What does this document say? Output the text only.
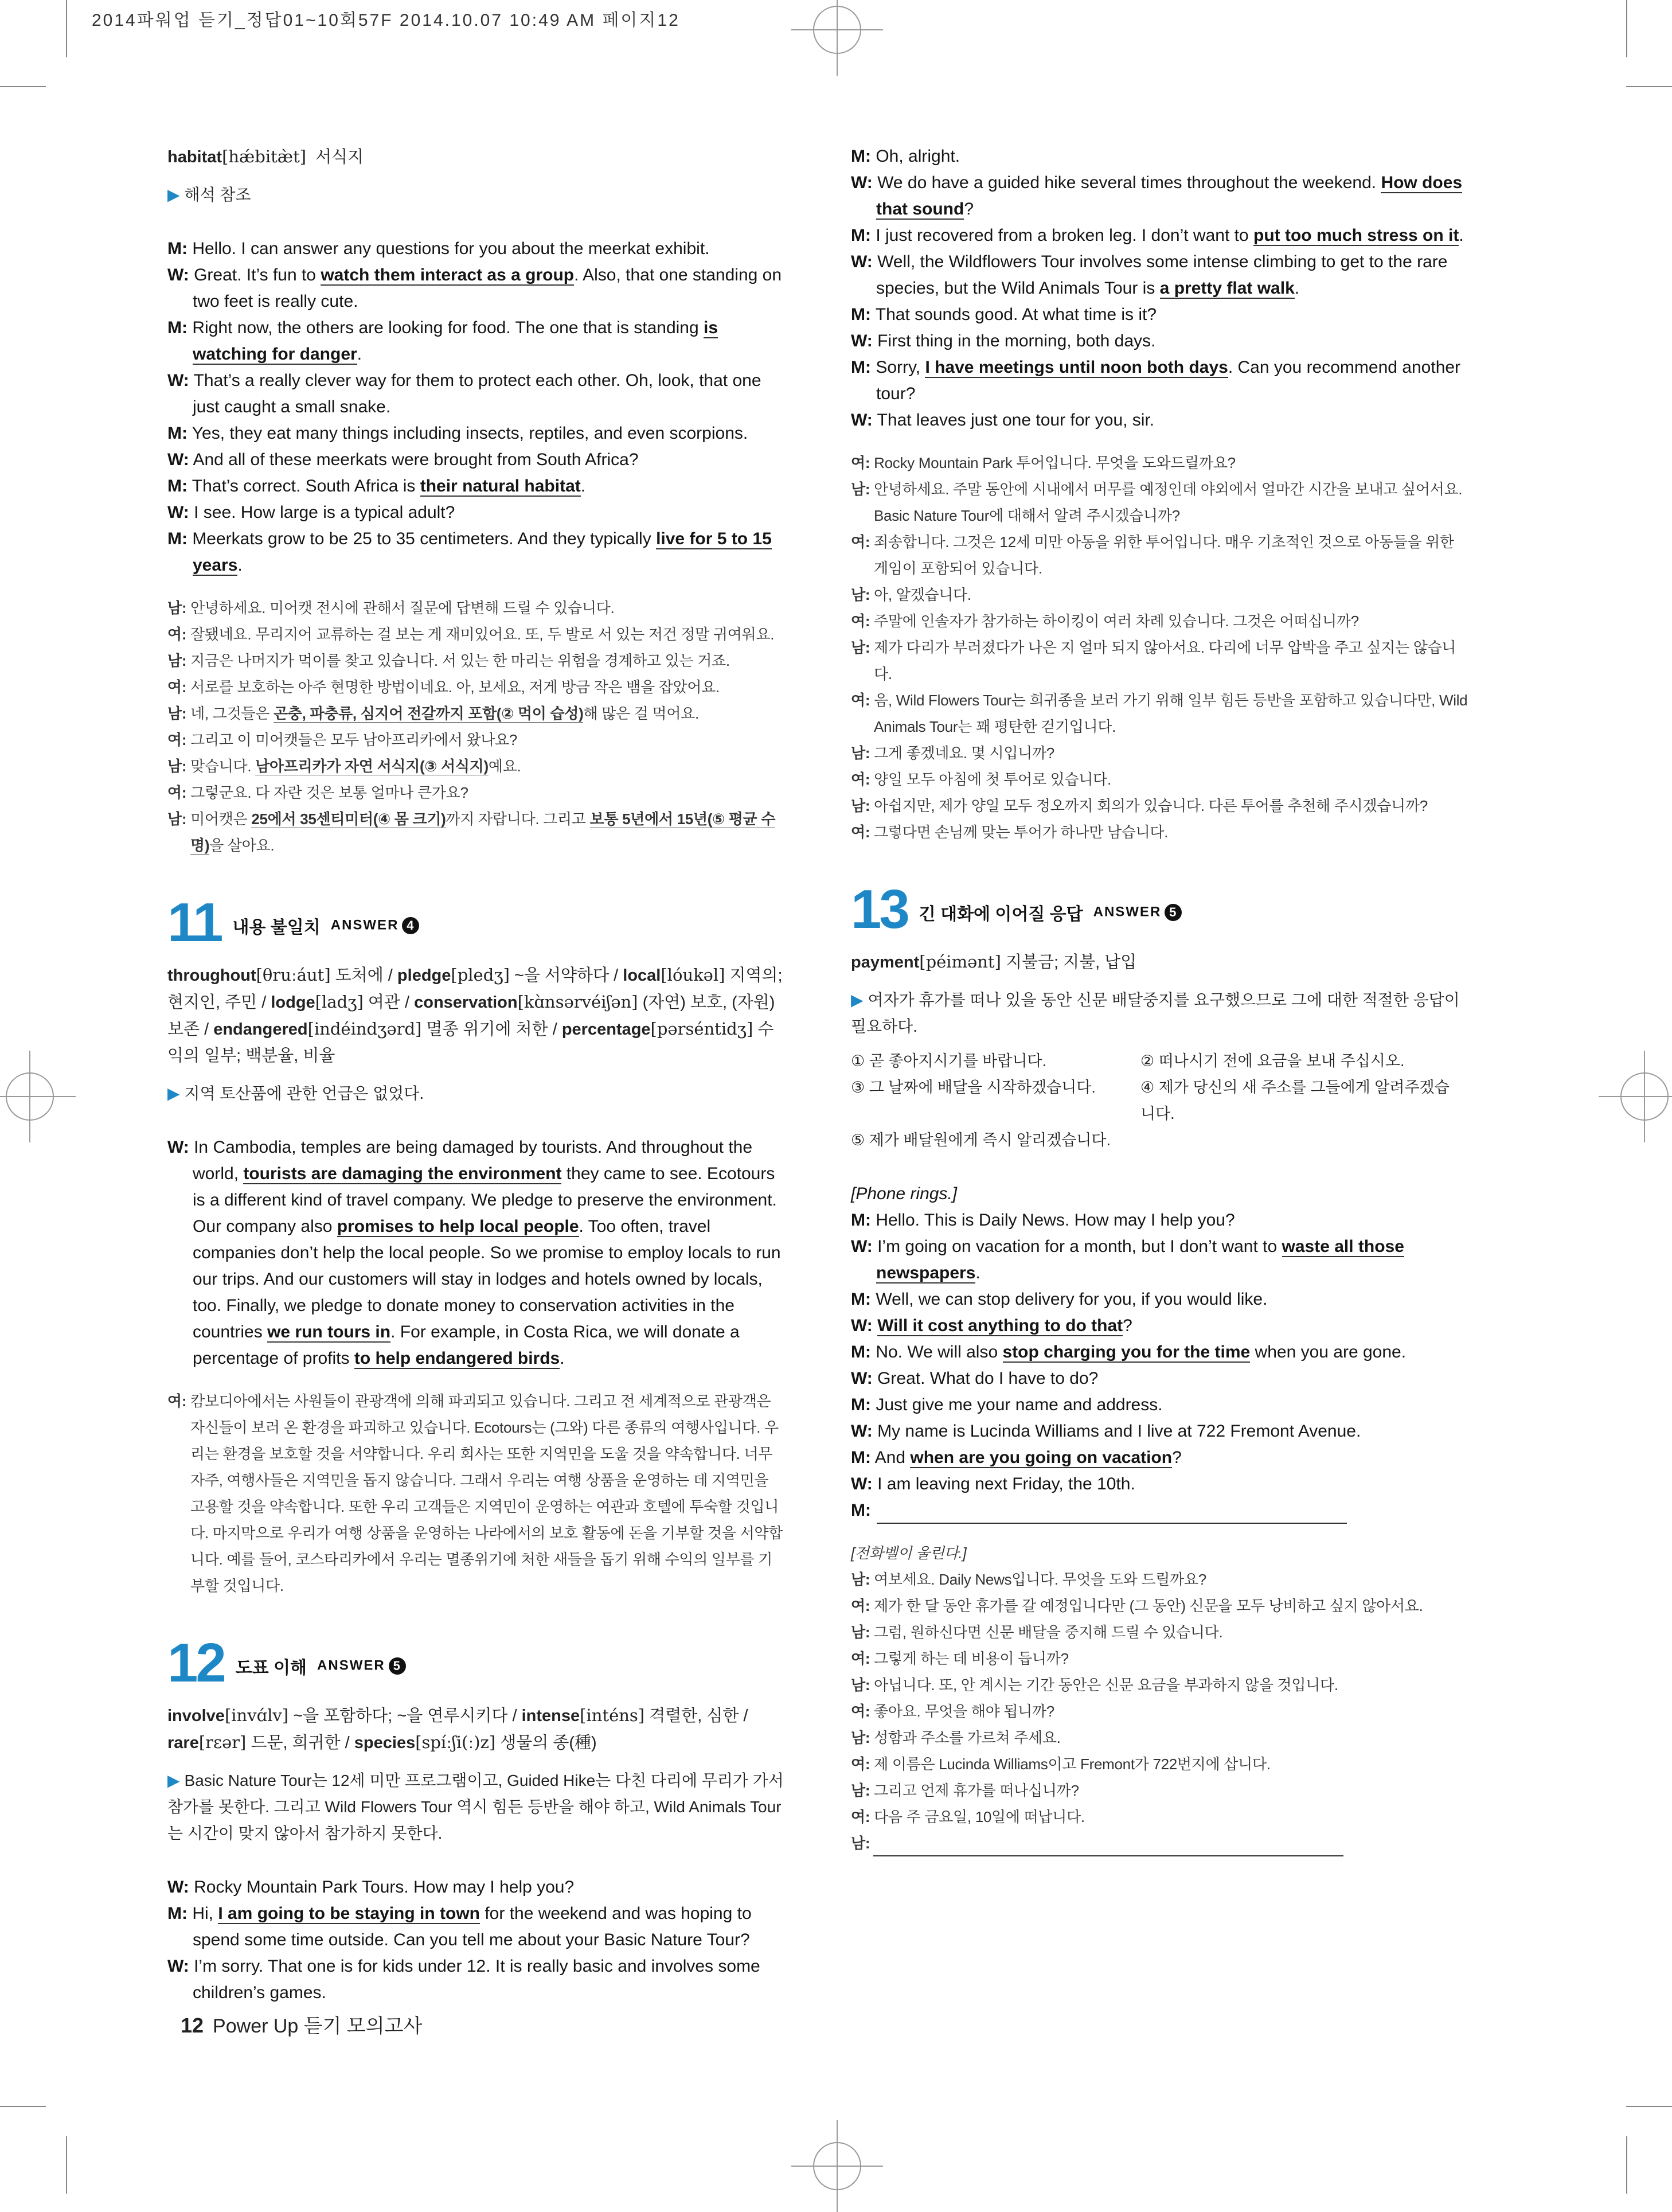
2014파워업 듣기_정답01~10회57F 2014.10.07 10:49 AM 페이지12
habitat[hǽbitæ̀t] 서식지
▶ 해석 참조
M: Hello. I can answer any questions for you about the meerkat exhibit.
W: Great. It’s fun to watch them interact as a group. Also, that one standing on two feet is really cute.
M: Right now, the others are looking for food. The one that is standing is watching for danger.
W: That’s a really clever way for them to protect each other. Oh, look, that one just caught a small snake.
M: Yes, they eat many things including insects, reptiles, and even scorpions.
W: And all of these meerkats were brought from South Africa?
M: That’s correct. South Africa is their natural habitat.
W: I see. How large is a typical adult?
M: Meerkats grow to be 25 to 35 centimeters. And they typically live for 5 to 15 years.
남: 안녕하세요. 미어캣 전시에 관해서 질문에 답변해 드릴 수 있습니다.
여: 잘됐네요. 무리지어 교류하는 걸 보는 게 재미있어요. 또, 두 발로 서 있는 저건 정말 귀여워요.
남: 지금은 나머지가 먹이를 찾고 있습니다. 서 있는 한 마리는 위험을 경계하고 있는 거죠.
여: 서로를 보호하는 아주 현명한 방법이네요. 아, 보세요, 저게 방금 작은 뱀을 잡았어요.
남: 네, 그것들은 곤충, 파충류, 심지어 전갈까지 포함(② 먹이 습성)해 많은 걸 먹어요.
여: 그리고 이 미어캣들은 모두 남아프리카에서 왔나요?
남: 맞습니다. 남아프리카가 자연 서식지(③ 서식지)예요.
여: 그렇군요. 다 자란 것은 보통 얼마나 큰가요?
남: 미어캣은 25에서 35센티미터(④ 몸 크기)까지 자랍니다. 그리고 보통 5년에서 15년(⑤ 평균 수명)을 살아요.
11 내용 불일치 ANSWER 4
throughout[θruːáut] 도처에 / pledge[pledʒ] ~을 서약하다 / local[lóukəl] 지역의; 현지인, 주민 / lodge[ladʒ] 여관 / conservation[kɑ̀nsərvéiʃən] (자연) 보호, (자원) 보존 / endangered[indéindʒərd] 멸종 위기에 처한 / percentage[pərséntidʒ] 수익의 일부; 백분율, 비율
▶ 지역 토산품에 관한 언급은 없었다.
W: In Cambodia, temples are being damaged by tourists. And throughout the world, tourists are damaging the environment they came to see. Ecotours is a different kind of travel company. We pledge to preserve the environment. Our company also promises to help local people. Too often, travel companies don’t help the local people. So we promise to employ locals to run our trips. And our customers will stay in lodges and hotels owned by locals, too. Finally, we pledge to donate money to conservation activities in the countries we run tours in. For example, in Costa Rica, we will donate a percentage of profits to help endangered birds.
여: 캄보디아에서는 사원들이 관광객에 의해 파괴되고 있습니다. 그리고 전 세계적으로 관광객은 자신들이 보러 온 환경을 파괴하고 있습니다. Ecotours는 (그와) 다른 종류의 여행사입니다. 우리는 환경을 보호할 것을 서약합니다. 우리 회사는 또한 지역민을 도울 것을 약속합니다. 너무 자주, 여행사들은 지역민을 돕지 않습니다. 그래서 우리는 여행 상품을 운영하는 데 지역민을 고용할 것을 약속합니다. 또한 우리 고객들은 지역민이 운영하는 여관과 호텔에 투숙할 것입니다. 마지막으로 우리가 여행 상품을 운영하는 나라에서의 보호 활동에 돈을 기부할 것을 서약합니다. 예를 들어, 코스타리카에서 우리는 멸종위기에 처한 새들을 돕기 위해 수익의 일부를 기부할 것입니다.
12 도표 이해 ANSWER 5
involve[invɑ́lv] ~을 포함하다; ~을 연루시키다 / intense[inténs] 격렬한, 심한 / rare[rɛər] 드문, 희귀한 / species[spíːʃi(ː)z] 생물의 종(種)
▶ Basic Nature Tour는 12세 미만 프로그램이고, Guided Hike는 다친 다리에 무리가 가서 참가를 못한다. 그리고 Wild Flowers Tour 역시 힘든 등반을 해야 하고, Wild Animals Tour는 시간이 맞지 않아서 참가하지 못한다.
W: Rocky Mountain Park Tours. How may I help you?
M: Hi, I am going to be staying in town for the weekend and was hoping to spend some time outside. Can you tell me about your Basic Nature Tour?
W: I’m sorry. That one is for kids under 12. It is really basic and involves some children’s games.
M: Oh, alright.
W: We do have a guided hike several times throughout the weekend. How does that sound?
M: I just recovered from a broken leg. I don’t want to put too much stress on it.
W: Well, the Wildflowers Tour involves some intense climbing to get to the rare species, but the Wild Animals Tour is a pretty flat walk.
M: That sounds good. At what time is it?
W: First thing in the morning, both days.
M: Sorry, I have meetings until noon both days. Can you recommend another tour?
W: That leaves just one tour for you, sir.
여: Rocky Mountain Park 투어입니다. 무엇을 도와드릴까요?
남: 안녕하세요. 주말 동안에 시내에서 머무를 예정인데 야외에서 얼마간 시간을 보내고 싶어서요. Basic Nature Tour에 대해서 알려 주시겠습니까?
여: 죄송합니다. 그것은 12세 미만 아동을 위한 투어입니다. 매우 기초적인 것으로 아동들을 위한 게임이 포함되어 있습니다.
남: 아, 알겠습니다.
여: 주말에 인솔자가 참가하는 하이킹이 여러 차례 있습니다. 그것은 어떠십니까?
남: 제가 다리가 부러졌다가 나은 지 얼마 되지 않아서요. 다리에 너무 압박을 주고 싶지는 않습니다.
여: 음, Wild Flowers Tour는 희귀종을 보러 가기 위해 일부 힘든 등반을 포함하고 있습니다만, Wild Animals Tour는 꽤 평탄한 걷기입니다.
남: 그게 좋겠네요. 몇 시입니까?
여: 양일 모두 아침에 첫 투어로 있습니다.
남: 아쉽지만, 제가 양일 모두 정오까지 회의가 있습니다. 다른 투어를 추천해 주시겠습니까?
여: 그렇다면 손님께 맞는 투어가 하나만 남습니다.
13 긴 대화에 이어질 응답 ANSWER 5
payment[péimənt] 지불금; 지불, 납입
▶ 여자가 휴가를 떠나 있을 동안 신문 배달중지를 요구했으므로 그에 대한 적절한 응답이 필요하다.
① 곧 좋아지시기를 바랍니다.	② 떠나시기 전에 요금을 보내 주십시오.
③ 그 날짜에 배달을 시작하겠습니다.	④ 제가 당신의 새 주소를 그들에게 알려주겠습니다.
⑤ 제가 배달원에게 즉시 알리겠습니다.
[Phone rings.]
M: Hello. This is Daily News. How may I help you?
W: I’m going on vacation for a month, but I don’t want to waste all those newspapers.
M: Well, we can stop delivery for you, if you would like.
W: Will it cost anything to do that?
M: No. We will also stop charging you for the time when you are gone.
W: Great. What do I have to do?
M: Just give me your name and address.
W: My name is Lucinda Williams and I live at 722 Fremont Avenue.
M: And when are you going on vacation?
W: I am leaving next Friday, the 10th.
M:
[전화벨이 울린다.]
남: 여보세요. Daily News입니다. 무엇을 도와 드릴까요?
여: 제가 한 달 동안 휴가를 갈 예정입니다만 (그 동안) 신문을 모두 낭비하고 싶지 않아서요.
남: 그럼, 원하신다면 신문 배달을 중지해 드릴 수 있습니다.
여: 그렇게 하는 데 비용이 듭니까?
남: 아닙니다. 또, 안 계시는 기간 동안은 신문 요금을 부과하지 않을 것입니다.
여: 좋아요. 무엇을 해야 됩니까?
남: 성함과 주소를 가르쳐 주세요.
여: 제 이름은 Lucinda Williams이고 Fremont가 722번지에 삽니다.
남: 그리고 언제 휴가를 떠나십니까?
여: 다음 주 금요일, 10일에 떠납니다.
남:
12 Power Up 듣기 모의고사
